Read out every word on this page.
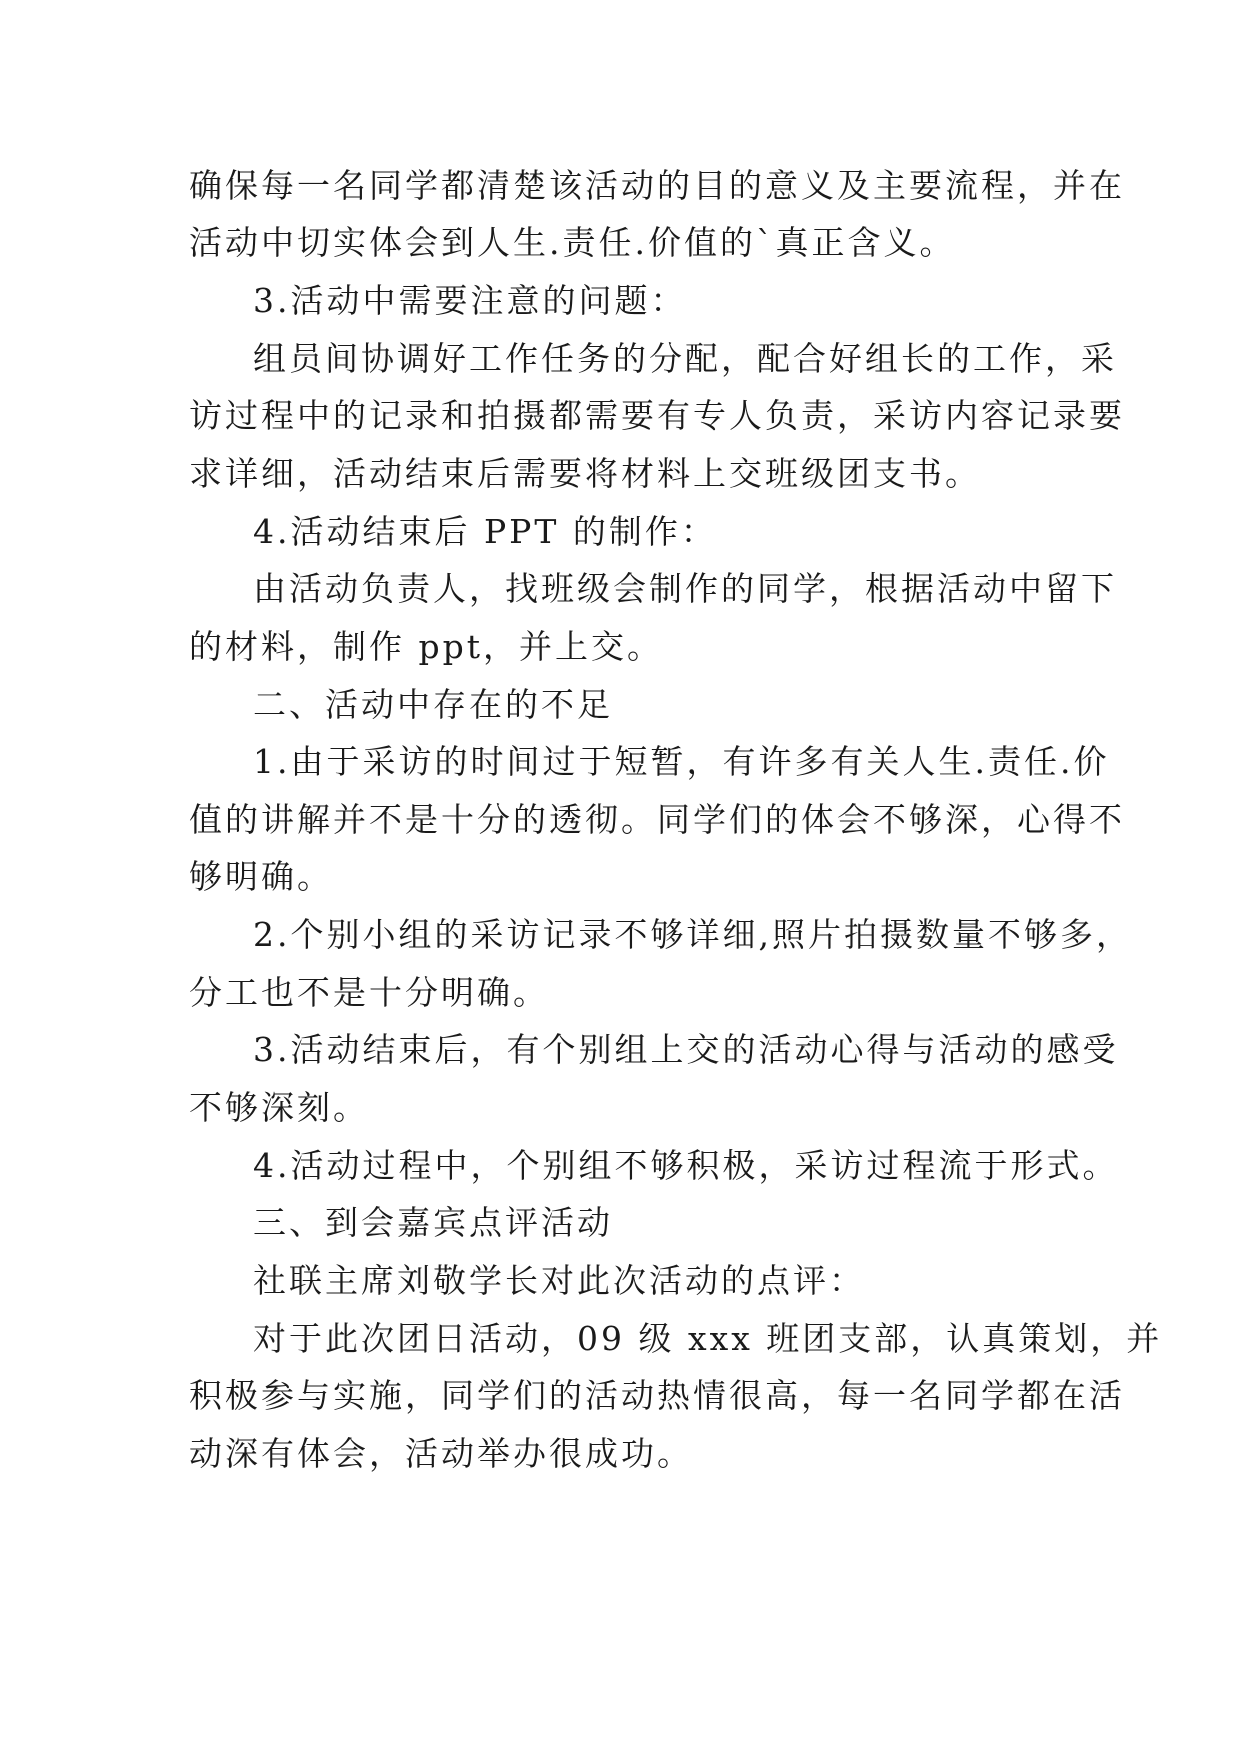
确保每一名同学都清楚该活动的目的意义及主要流程，并在
活动中切实体会到人生.责任.价值的`真正含义。
3.活动中需要注意的问题：
组员间协调好工作任务的分配，配合好组长的工作，采
访过程中的记录和拍摄都需要有专人负责，采访内容记录要
求详细，活动结束后需要将材料上交班级团支书。
4.活动结束后 PPT 的制作：
由活动负责人，找班级会制作的同学，根据活动中留下
的材料，制作 ppt，并上交。
二、活动中存在的不足
1.由于采访的时间过于短暂，有许多有关人生.责任.价
值的讲解并不是十分的透彻。同学们的体会不够深，心得不
够明确。
2.个别小组的采访记录不够详细,照片拍摄数量不够多，
分工也不是十分明确。
3.活动结束后，有个别组上交的活动心得与活动的感受
不够深刻。
4.活动过程中，个别组不够积极，采访过程流于形式。
三、到会嘉宾点评活动
社联主席刘敬学长对此次活动的点评：
对于此次团日活动，09 级 xxx 班团支部，认真策划，并
积极参与实施，同学们的活动热情很高，每一名同学都在活
动深有体会，活动举办很成功。
